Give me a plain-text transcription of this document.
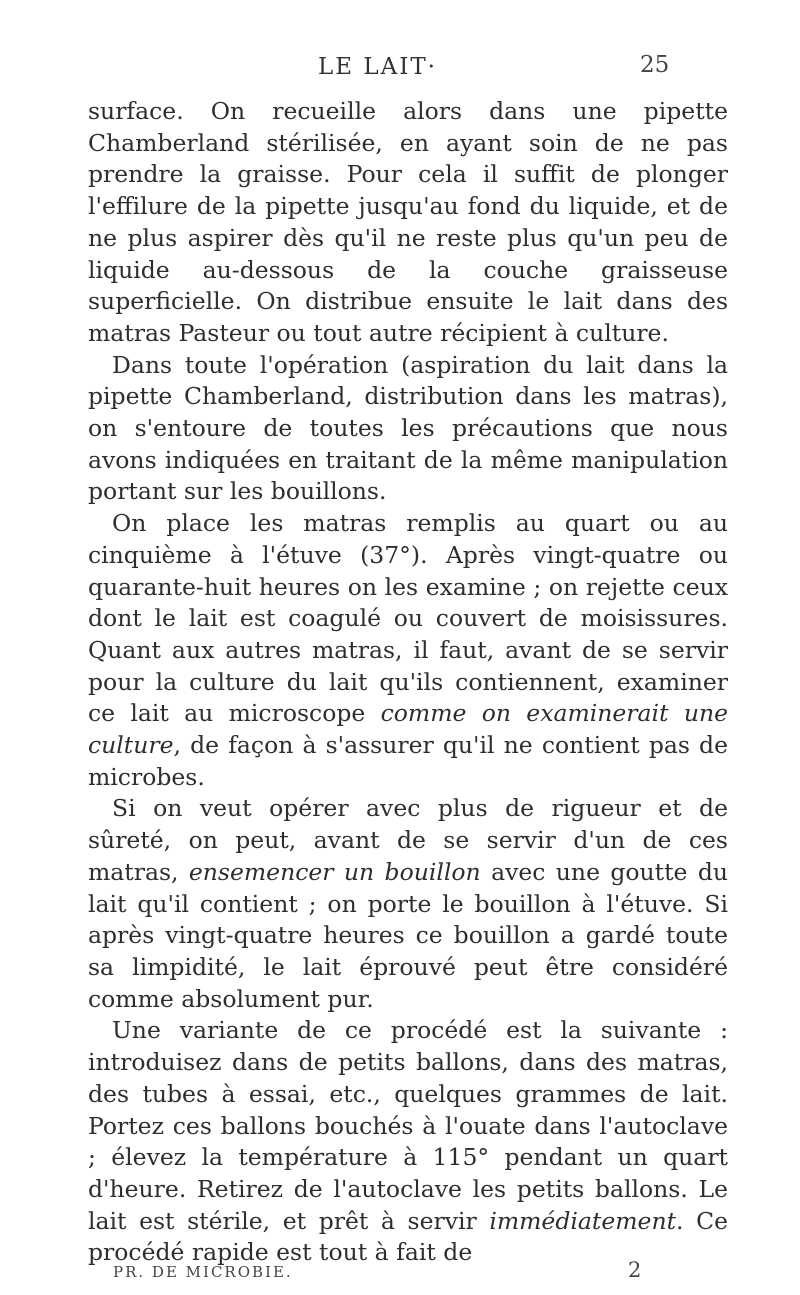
LE LAIT·	25

surface. On recueille alors dans une pipette Chamberland stérilisée, en ayant soin de ne pas prendre la graisse. Pour cela il suffit de plonger l'effilure de la pipette jusqu'au fond du liquide, et de ne plus aspirer dès qu'il ne reste plus qu'un peu de liquide au-dessous de la couche graisseuse superficielle. On distribue ensuite le lait dans des matras Pasteur ou tout autre récipient à culture.

Dans toute l'opération (aspiration du lait dans la pipette Chamberland, distribution dans les matras), on s'entoure de toutes les précautions que nous avons indiquées en traitant de la même manipulation portant sur les bouillons.

On place les matras remplis au quart ou au cinquième à l'étuve (37°). Après vingt-quatre ou quarante-huit heures on les examine ; on rejette ceux dont le lait est coagulé ou couvert de moisissures. Quant aux autres matras, il faut, avant de se servir pour la culture du lait qu'ils contiennent, examiner ce lait au microscope comme on examinerait une culture, de façon à s'assurer qu'il ne contient pas de microbes.

Si on veut opérer avec plus de rigueur et de sûreté, on peut, avant de se servir d'un de ces matras, ensemencer un bouillon avec une goutte du lait qu'il contient ; on porte le bouillon à l'étuve. Si après vingt-quatre heures ce bouillon a gardé toute sa limpidité, le lait éprouvé peut être considéré comme absolument pur.

Une variante de ce procédé est la suivante : introduisez dans de petits ballons, dans des matras, des tubes à essai, etc., quelques grammes de lait. Portez ces ballons bouchés à l'ouate dans l'autoclave ; élevez la température à 115° pendant un quart d'heure. Retirez de l'autoclave les petits ballons. Le lait est stérile, et prêt à servir immédiatement. Ce procédé rapide est tout à fait de

PR. DE MICROBIE.	2
